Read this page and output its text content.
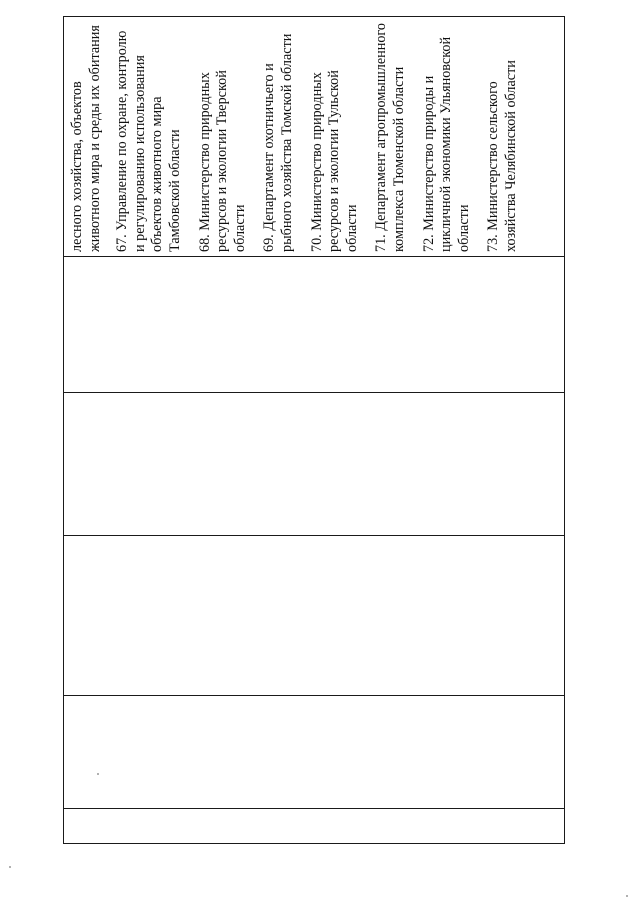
лесного хозяйства, объектов животного мира и среды их обитания 67. Управление по охране, контролю и регулированию использования объектов животного мира Тамбовской области 68. Министерство природных ресурсов и экологии Тверской области 69. Департамент охотничьего и рыбного хозяйства Томской области 70. Министерство природных ресурсов и экологии Тульской области 71. Департамент агропромышленного комплекса Тюменской области 72. Министерство природы и цикличной экономики Ульяновской области 73. Министерство сельского хозяйства Челябинской области
